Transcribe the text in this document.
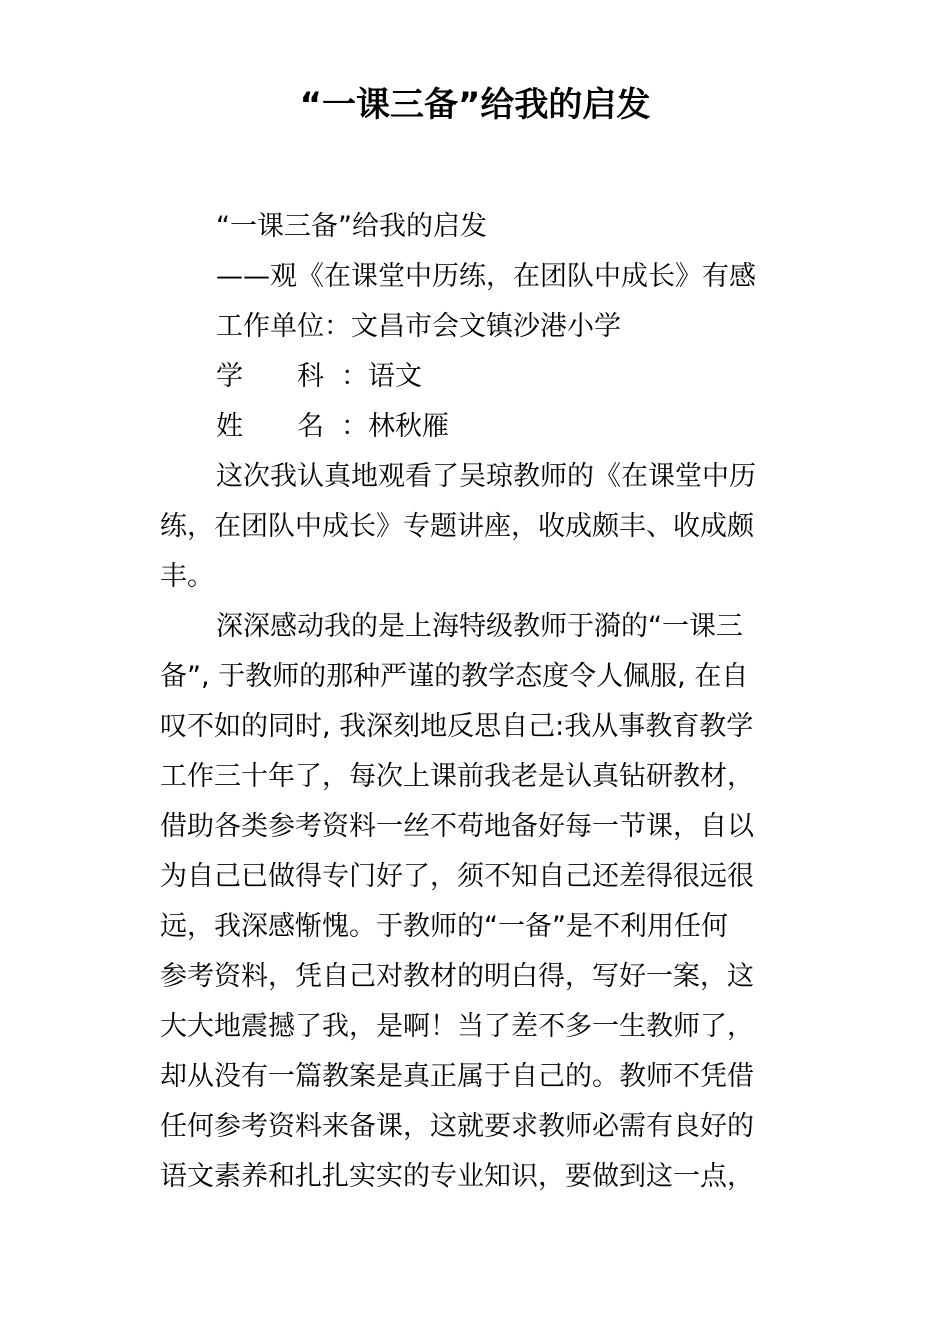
“一课三备”给我的启发

“一课三备”给我的启发

——观《在课堂中历练，在团队中成长》有感

工作单位：文昌市会文镇沙港小学

学　　科 ：语文

姓　　名 ：林秋雁

这次我认真地观看了吴琼教师的《在课堂中历

练，在团队中成长》专题讲座，收成颇丰、收成颇

丰。

深深感动我的是上海特级教师于漪的“一课三

备”, 于教师的那种严谨的教学态度令人佩服, 在自

叹不如的同时, 我深刻地反思自己:我从事教育教学

工作三十年了，每次上课前我老是认真钻研教材，

借助各类参考资料一丝不苟地备好每一节课，自以

为自己已做得专门好了，须不知自己还差得很远很

远，我深感惭愧。于教师的“一备”是不利用任何

参考资料，凭自己对教材的明白得，写好一案，这

大大地震撼了我，是啊！当了差不多一生教师了，

却从没有一篇教案是真正属于自己的。教师不凭借

任何参考资料来备课，这就要求教师必需有良好的

语文素养和扎扎实实的专业知识，要做到这一点，
